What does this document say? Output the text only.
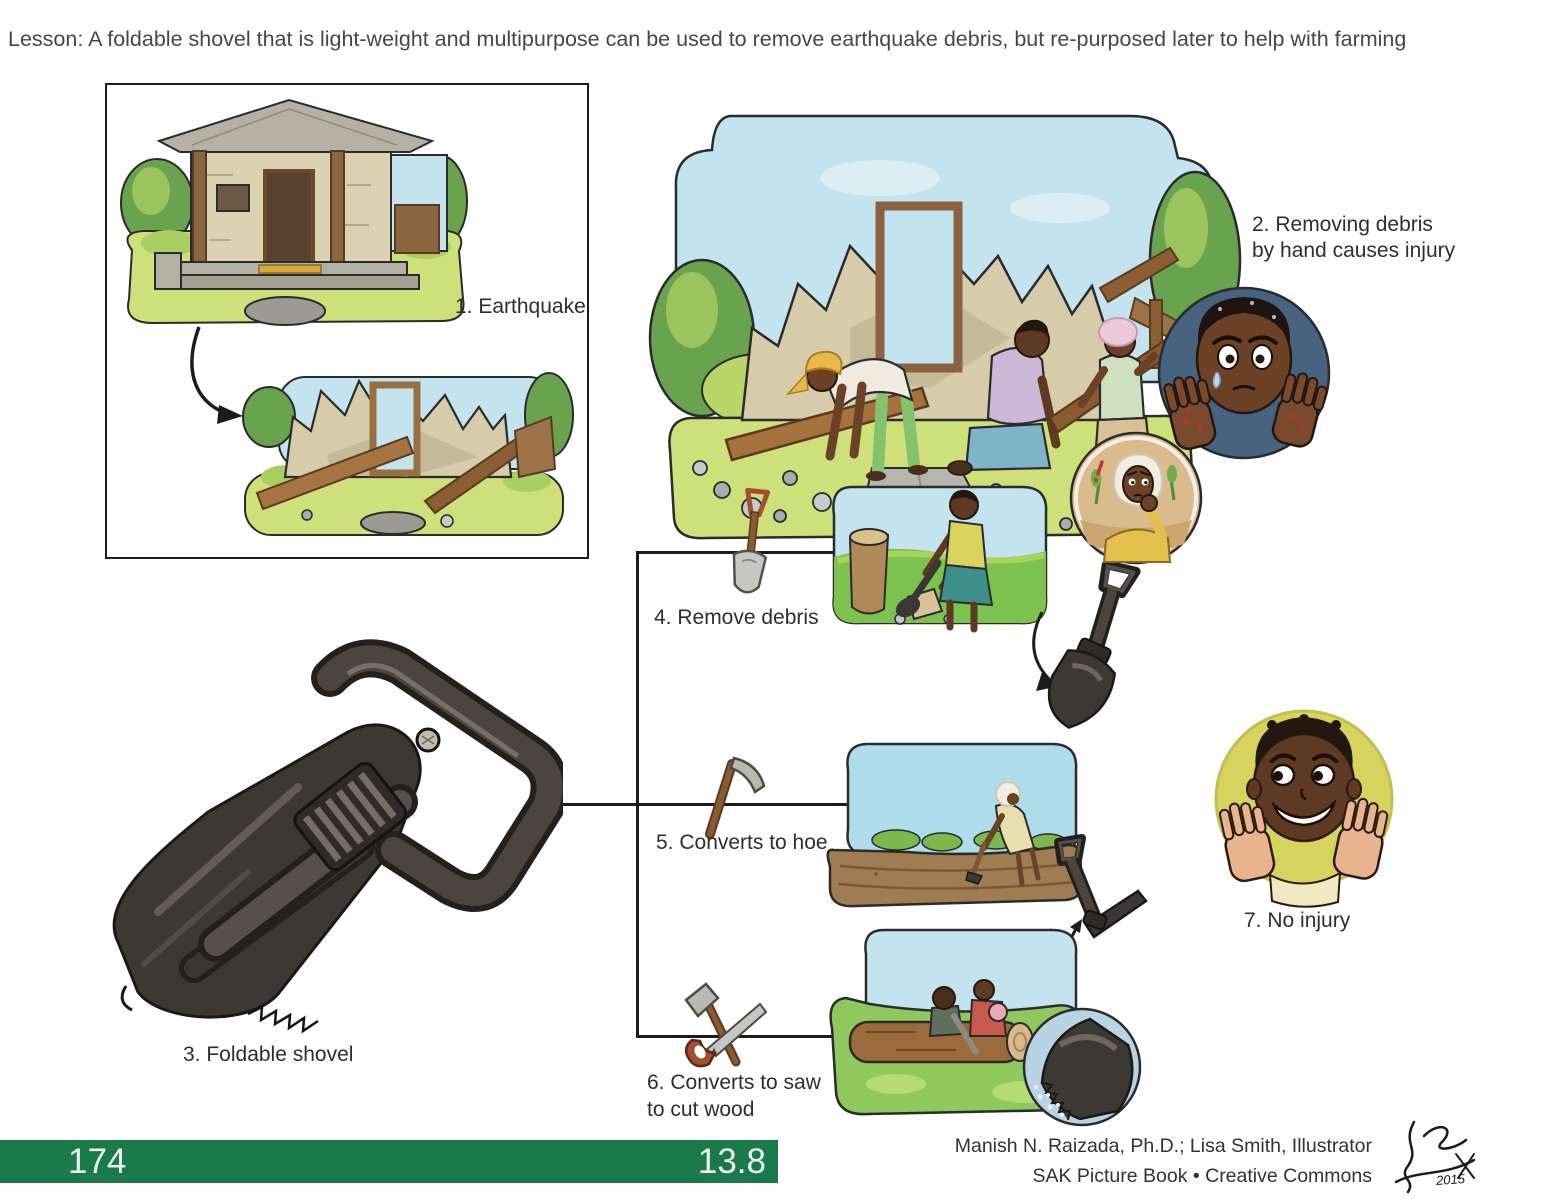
Lesson: A foldable shovel that is light-weight and multipurpose can be used to remove earthquake debris, but re-purposed later to help with farming
1. Earthquake
2. Removing debris
by hand causes injury
3. Foldable shovel
4. Remove debris
5. Converts to hoe
6. Converts to saw
to cut wood
7. No injury
174	13.8	Manish N. Raizada, Ph.D.; Lisa Smith, Illustrator
SAK Picture Book • Creative Commons	2015
